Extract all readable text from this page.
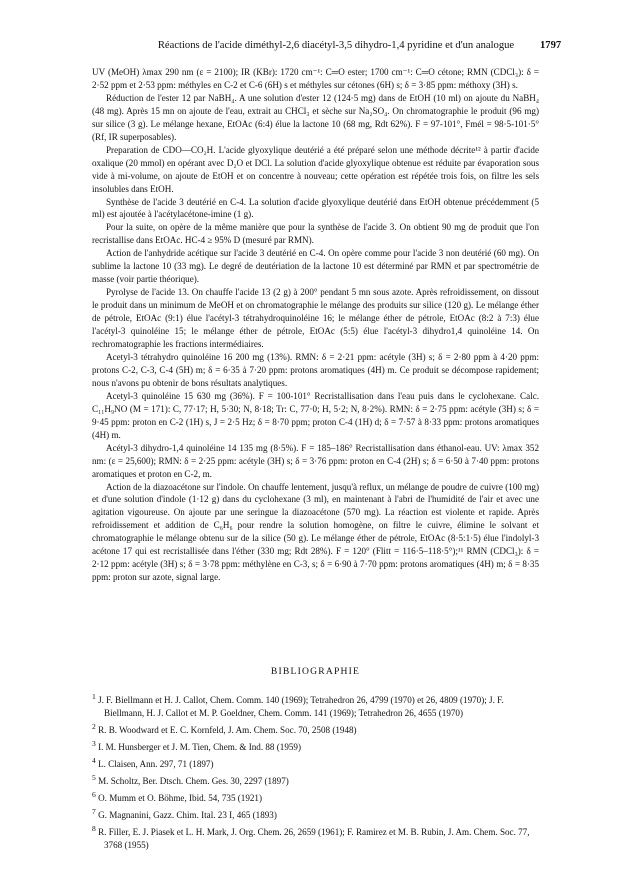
Réactions de l'acide diméthyl-2,6 diacétyl-3,5 dihydro-1,4 pyridine et d'un analogue	1797

UV (MeOH) λmax 290 nm (ε = 2100); IR (KBr): 1720 cm⁻¹: C═O ester; 1700 cm⁻¹: C═O cétone; RMN (CDCl₃): δ = 2·52 ppm et 2·53 ppm: méthyles en C-2 et C-6 (6H) s et méthyles sur cétones (6H) s; δ = 3·85 ppm: méthoxy (3H) s.

Réduction de l'ester 12 par NaBH₄. A une solution d'ester 12 (124·5 mg) dans de EtOH (10 ml) on ajoute du NaBH₄ (48 mg). Après 15 mn on ajoute de l'eau, extrait au CHCl₃ et sèche sur Na₂SO₄. On chromatographie le produit (96 mg) sur silice (3 g). Le mélange hexane, EtOAc (6:4) élue la lactone 10 (68 mg, Rdt 62%). F = 97-101°, Fmél = 98·5-101·5° (Rf, IR superposables).

Preparation de CDO—CO₂H. L'acide glyoxylique deutérié a été préparé selon une méthode décrite¹² à partir d'acide oxalique (20 mmol) en opérant avec D₂O et DCl. La solution d'acide glyoxylique obtenue est réduite par évaporation sous vide à mi-volume, on ajoute de EtOH et on concentre à nouveau; cette opération est répétée trois fois, on filtre les sels insolubles dans EtOH.

Synthèse de l'acide 3 deutérié en C-4. La solution d'acide glyoxylique deutérié dans EtOH obtenue précédemment (5 ml) est ajoutée à l'acétylacétone-imine (1 g).

Pour la suite, on opère de la même manière que pour la synthèse de l'acide 3. On obtient 90 mg de produit que l'on recristallise dans EtOAc. HC-4 ≥ 95% D (mesuré par RMN).

Action de l'anhydride acétique sur l'acide 3 deutérié en C-4. On opère comme pour l'acide 3 non deutérié (60 mg). On sublime la lactone 10 (33 mg). Le degré de deutériation de la lactone 10 est déterminé par RMN et par spectrométrie de masse (voir partie théorique).

Pyrolyse de l'acide 13. On chauffe l'acide 13 (2 g) à 200° pendant 5 mn sous azote. Après refroidissement, on dissout le produit dans un minimum de MeOH et on chromatographie le mélange des produits sur silice (120 g). Le mélange éther de pétrole, EtOAc (9:1) élue l'acétyl-3 tétrahydroquinoléine 16; le mélange éther de pétrole, EtOAc (8:2 à 7:3) élue l'acétyl-3 quinoléine 15; le mélange éther de pétrole, EtOAc (5:5) élue l'acétyl-3 dihydro1,4 quinoléine 14. On rechromatographie les fractions intermédiaires.

Acetyl-3 tétrahydro quinoléine 16 200 mg (13%). RMN: δ = 2·21 ppm: acétyle (3H) s; δ = 2·80 ppm à 4·20 ppm: protons C-2, C-3, C-4 (5H) m; δ = 6·35 à 7·20 ppm: protons aromatiques (4H) m. Ce produit se décompose rapidement; nous n'avons pu obtenir de bons résultats analytiques.

Acetyl-3 quinoléine 15 630 mg (36%). F = 100-101° Recristallisation dans l'eau puis dans le cyclohexane. Calc. C₁₁H₉NO (M = 171): C, 77·17; H, 5·30; N, 8·18; Tr: C, 77·0; H, 5·2; N, 8·2%). RMN: δ = 2·75 ppm: acétyle (3H) s; δ = 9·45 ppm: proton en C-2 (1H) s, J = 2·5 Hz; δ = 8·70 ppm; proton C-4 (1H) d; δ = 7·57 à 8·33 ppm: protons aromatiques (4H) m.

Acétyl-3 dihydro-1,4 quinoléine 14 135 mg (8·5%). F = 185–186° Recristallisation dans éthanol-eau. UV: λmax 352 nm: (ε = 25,600); RMN: δ = 2·25 ppm: acétyle (3H) s; δ = 3·76 ppm: proton en C-4 (2H) s; δ = 6·50 à 7·40 ppm: protons aromatiques et proton en C-2, m.

Action de la diazoacétone sur l'indole. On chauffe lentement, jusqu'à reflux, un mélange de poudre de cuivre (100 mg) et d'une solution d'indole (1·12 g) dans du cyclohexane (3 ml), en maintenant à l'abri de l'humidité de l'air et avec une agitation vigoureuse. On ajoute par une seringue la diazoacétone (570 mg). La réaction est violente et rapide. Après refroidissement et addition de C₆H₆ pour rendre la solution homogène, on filtre le cuivre, élimine le solvant et chromatographie le mélange obtenu sur de la silice (50 g). Le mélange éther de pétrole, EtOAc (8·5:1·5) élue l'indolyl-3 acétone 17 qui est recristallisée dans l'éther (330 mg; Rdt 28%). F = 120° (Flitt = 116·5–118·5°);¹¹ RMN (CDCl₃): δ = 2·12 ppm: acétyle (3H) s; δ = 3·78 ppm: méthylène en C-3, s; δ = 6·90 à 7·70 ppm: protons aromatiques (4H) m; δ = 8·35 ppm: proton sur azote, signal large.

BIBLIOGRAPHIE
$^1$ J. F. Biellmann et H. J. Callot, Chem. Comm. 140 (1969); Tetrahedron 26, 4799 (1970) et 26, 4809 (1970); J. F. Biellmann, H. J. Callot et M. P. Goeldner, Chem. Comm. 141 (1969); Tetrahedron 26, 4655 (1970)
$^2$ R. B. Woodward et E. C. Kornfeld, J. Am. Chem. Soc. 70, 2508 (1948)
$^3$ I. M. Hunsberger et J. M. Tien, Chem. & Ind. 88 (1959)
$^4$ L. Claisen, Ann. 297, 71 (1897)
$^5$ M. Scholtz, Ber. Dtsch. Chem. Ges. 30, 2297 (1897)
$^6$ O. Mumm et O. Böhme, Ibid. 54, 735 (1921)
$^7$ G. Magnanini, Gazz. Chim. Ital. 23 I, 465 (1893)
$^8$ R. Filler, E. J. Piasek et L. H. Mark, J. Org. Chem. 26, 2659 (1961); F. Ramirez et M. B. Rubin, J. Am. Chem. Soc. 77, 3768 (1955)
